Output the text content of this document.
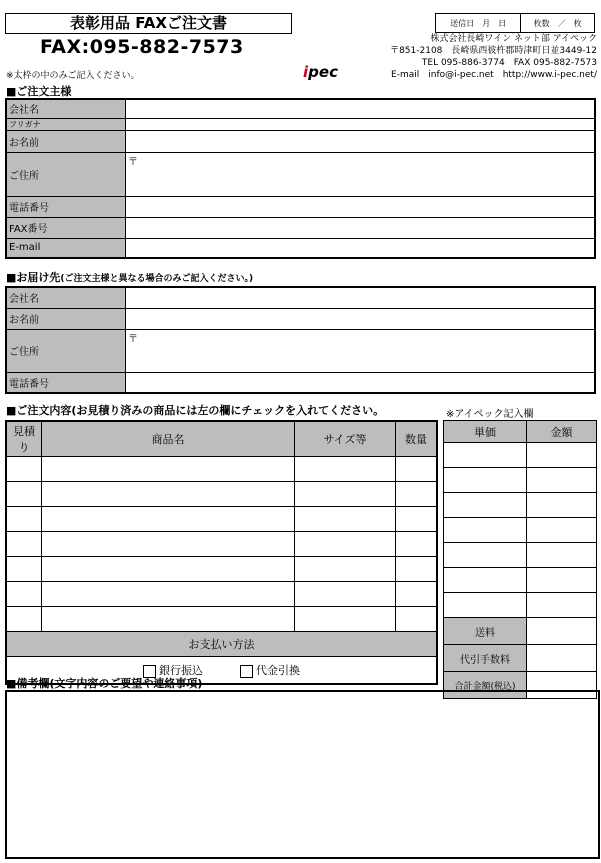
表彰用品 FAXご注文書
FAX:095-882-7573
※太枠の中のみご記入ください。
送信日　月　日	枚数　／　枚
株式会社長崎ワイン ネット部 アイペック
〒851-2108　長崎県西彼杵郡時津町日並3449-12
TEL 095-886-3774　FAX 095-882-7573
E-mail　info@i-pec.net　http://www.i-pec.net/
ipec
■ご注文主様
会社名	
フリガナ	
お名前	
ご住所	〒
電話番号	
FAX番号	
E-mail	
■お届け先(ご注文主様と異なる場合のみご記入ください。)
会社名	
お名前	
ご住所	〒
電話番号	
■ご注文内容(お見積り済みの商品には左の欄にチェックを入れてください。
見積り	商品名	サイズ等	数量

お支払い方法			
銀行振込 代金引換			
※アイペック記入欄
単価	金額

送料	
代引手数料	
合計金額(税込)	
■備考欄(文字内容のご要望や連絡事項)
